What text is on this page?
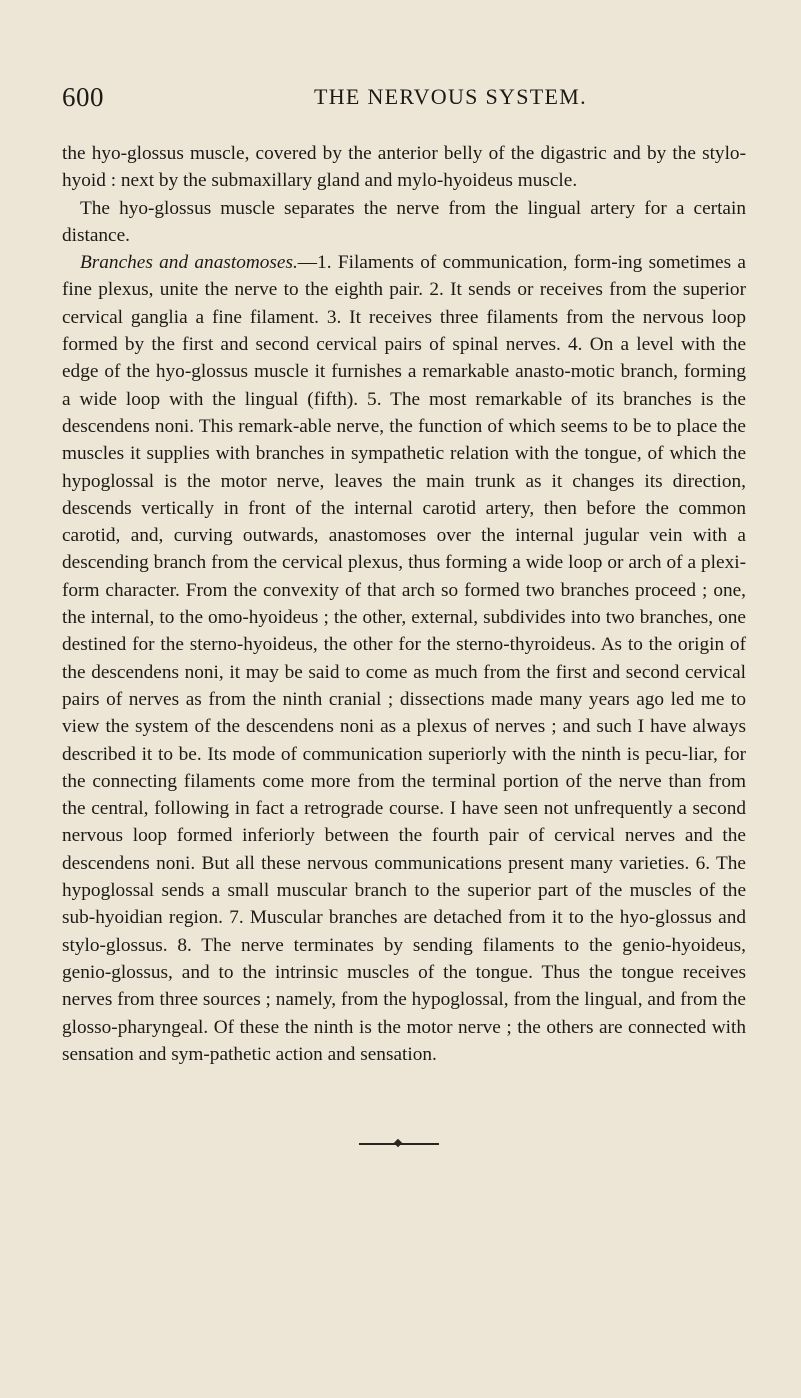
600	THE NERVOUS SYSTEM.

the hyo-glossus muscle, covered by the anterior belly of the digastric and by the stylo-hyoid : next by the submaxillary gland and mylo-hyoideus muscle.

The hyo-glossus muscle separates the nerve from the lingual artery for a certain distance.

Branches and anastomoses.—1. Filaments of communication, form-ing sometimes a fine plexus, unite the nerve to the eighth pair. 2. It sends or receives from the superior cervical ganglia a fine filament. 3. It receives three filaments from the nervous loop formed by the first and second cervical pairs of spinal nerves. 4. On a level with the edge of the hyo-glossus muscle it furnishes a remarkable anasto-motic branch, forming a wide loop with the lingual (fifth). 5. The most remarkable of its branches is the descendens noni. This remark-able nerve, the function of which seems to be to place the muscles it supplies with branches in sympathetic relation with the tongue, of which the hypoglossal is the motor nerve, leaves the main trunk as it changes its direction, descends vertically in front of the internal carotid artery, then before the common carotid, and, curving outwards, anastomoses over the internal jugular vein with a descending branch from the cervical plexus, thus forming a wide loop or arch of a plexi-form character. From the convexity of that arch so formed two branches proceed ; one, the internal, to the omo-hyoideus ; the other, external, subdivides into two branches, one destined for the sterno-hyoideus, the other for the sterno-thyroideus. As to the origin of the descendens noni, it may be said to come as much from the first and second cervical pairs of nerves as from the ninth cranial ; dissections made many years ago led me to view the system of the descendens noni as a plexus of nerves ; and such I have always described it to be. Its mode of communication superiorly with the ninth is pecu-liar, for the connecting filaments come more from the terminal portion of the nerve than from the central, following in fact a retrograde course. I have seen not unfrequently a second nervous loop formed inferiorly between the fourth pair of cervical nerves and the descendens noni. But all these nervous communications present many varieties. 6. The hypoglossal sends a small muscular branch to the superior part of the muscles of the sub-hyoidian region. 7. Muscular branches are detached from it to the hyo-glossus and stylo-glossus. 8. The nerve terminates by sending filaments to the genio-hyoideus, genio-glossus, and to the intrinsic muscles of the tongue. Thus the tongue receives nerves from three sources ; namely, from the hypoglossal, from the lingual, and from the glosso-pharyngeal. Of these the ninth is the motor nerve ; the others are connected with sensation and sym-pathetic action and sensation.
